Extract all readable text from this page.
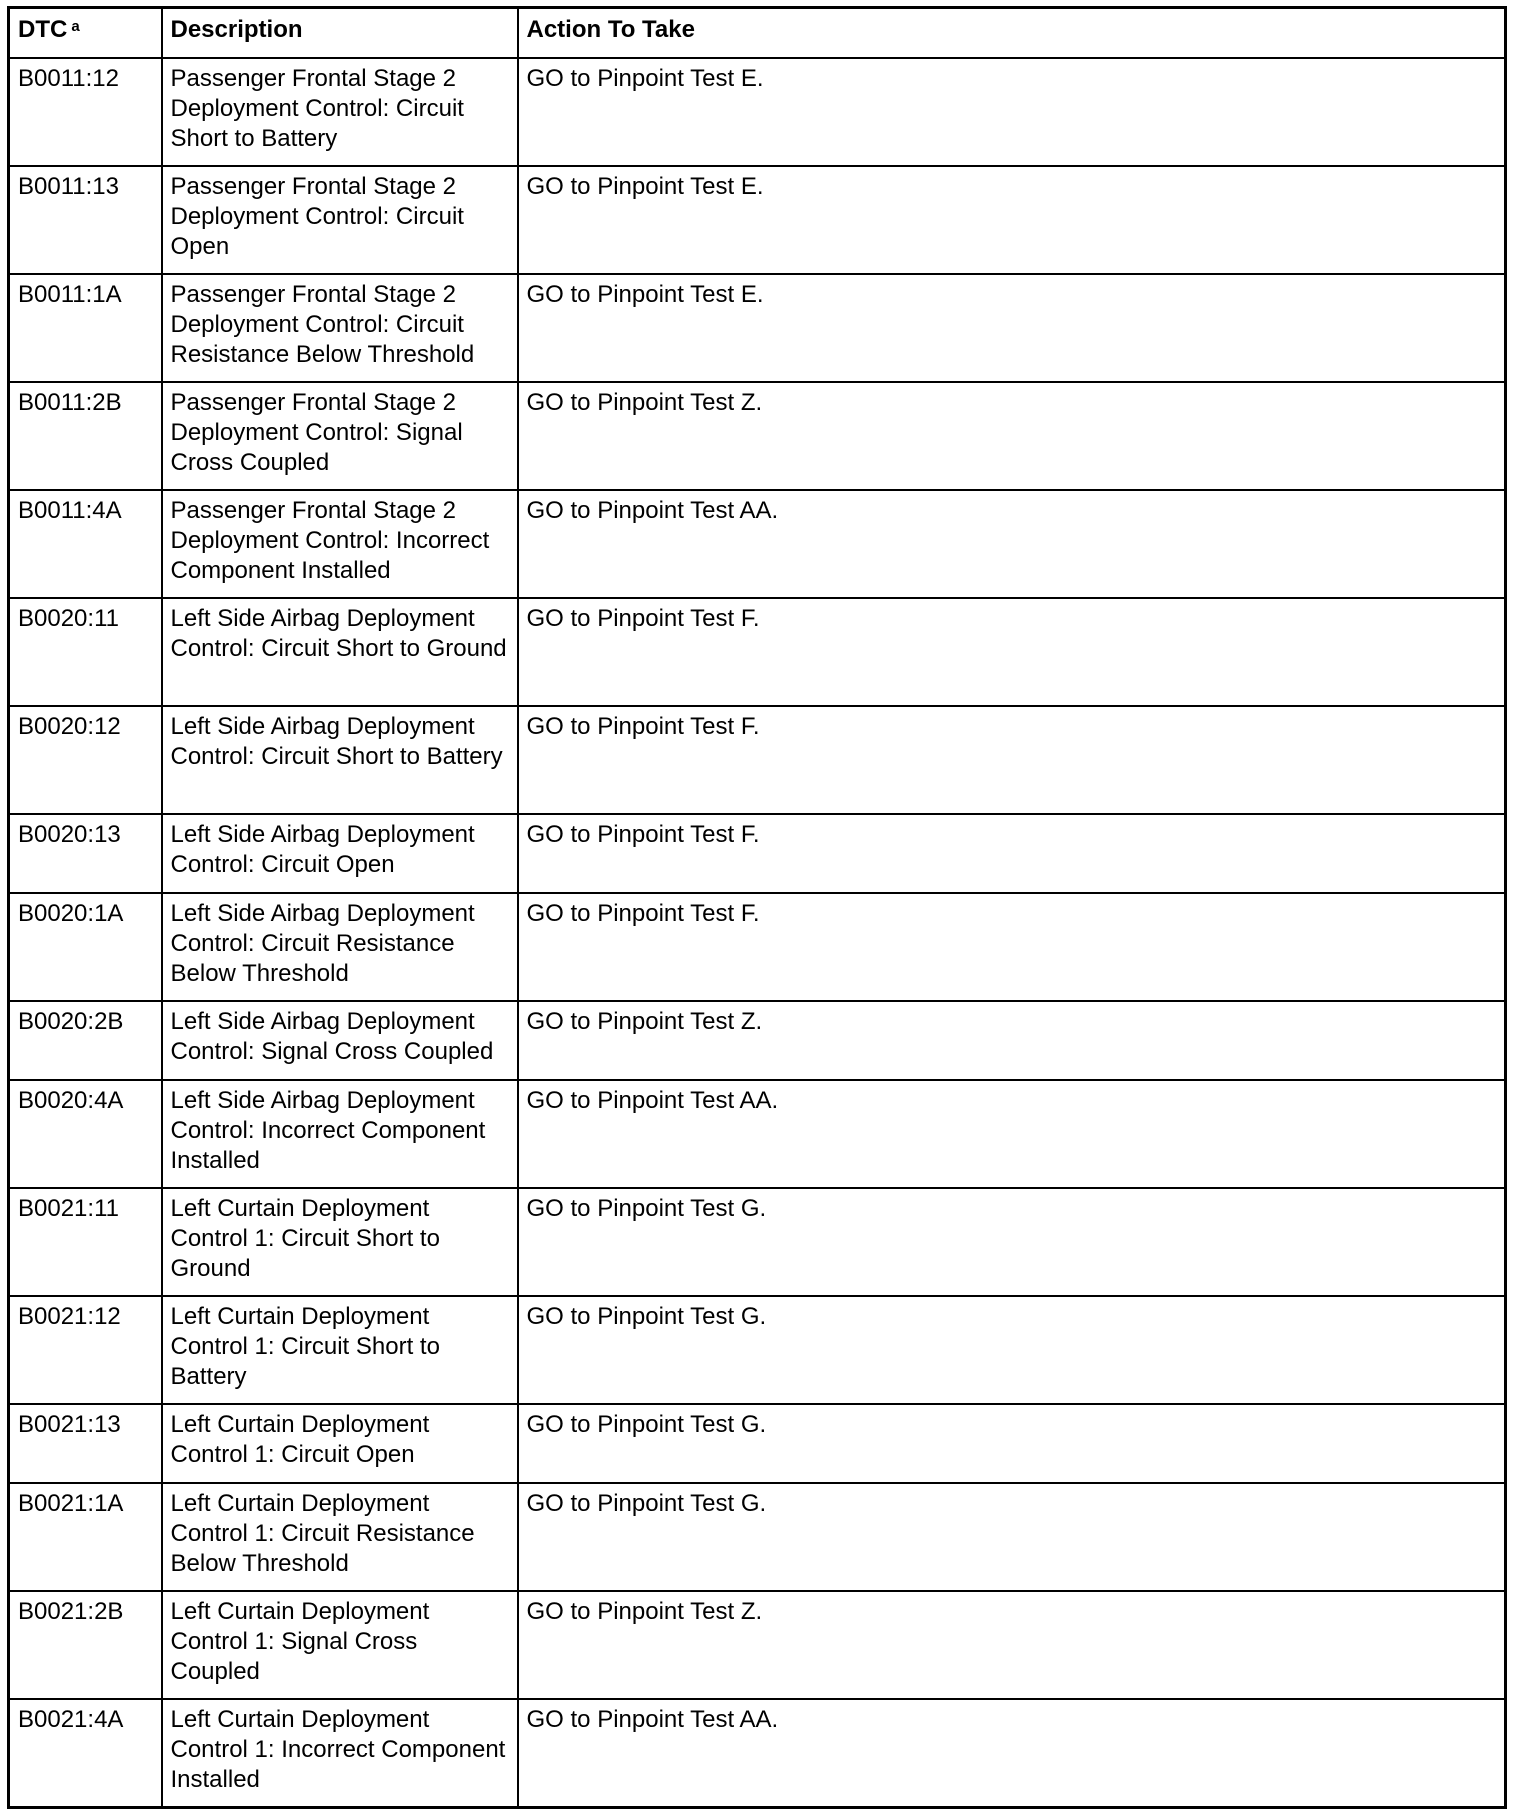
DTC $^a$	Description	Action To Take
B0011:12	Passenger Frontal Stage 2 Deployment Control: Circuit Short to Battery	GO to Pinpoint Test E.
B0011:13	Passenger Frontal Stage 2 Deployment Control: Circuit Open	GO to Pinpoint Test E.
B0011:1A	Passenger Frontal Stage 2 Deployment Control: Circuit Resistance Below Threshold	GO to Pinpoint Test E.
B0011:2B	Passenger Frontal Stage 2 Deployment Control: Signal Cross Coupled	GO to Pinpoint Test Z.
B0011:4A	Passenger Frontal Stage 2 Deployment Control: Incorrect Component Installed	GO to Pinpoint Test AA.
B0020:11	Left Side Airbag Deployment Control: Circuit Short to Ground	GO to Pinpoint Test F.
B0020:12	Left Side Airbag Deployment Control: Circuit Short to Battery	GO to Pinpoint Test F.
B0020:13	Left Side Airbag Deployment Control: Circuit Open	GO to Pinpoint Test F.
B0020:1A	Left Side Airbag Deployment Control: Circuit Resistance Below Threshold	GO to Pinpoint Test F.
B0020:2B	Left Side Airbag Deployment Control: Signal Cross Coupled	GO to Pinpoint Test Z.
B0020:4A	Left Side Airbag Deployment Control: Incorrect Component Installed	GO to Pinpoint Test AA.
B0021:11	Left Curtain Deployment Control 1: Circuit Short to Ground	GO to Pinpoint Test G.
B0021:12	Left Curtain Deployment Control 1: Circuit Short to Battery	GO to Pinpoint Test G.
B0021:13	Left Curtain Deployment Control 1: Circuit Open	GO to Pinpoint Test G.
B0021:1A	Left Curtain Deployment Control 1: Circuit Resistance Below Threshold	GO to Pinpoint Test G.
B0021:2B	Left Curtain Deployment Control 1: Signal Cross Coupled	GO to Pinpoint Test Z.
B0021:4A	Left Curtain Deployment Control 1: Incorrect Component Installed	GO to Pinpoint Test AA.
